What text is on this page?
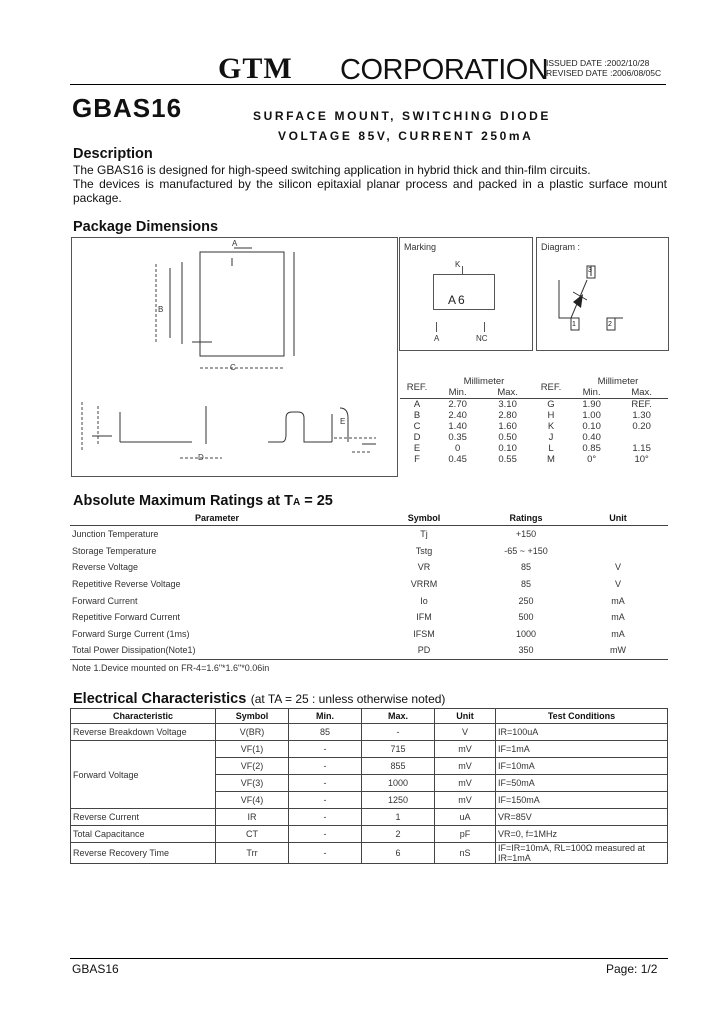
GTM CORPORATION
ISSUED DATE :2002/10/28
REVISED DATE :2006/08/05C
GBAS16	SURFACE MOUNT, SWITCHING DIODE
VOLTAGE 85V, CURRENT 250mA
Description
The GBAS16 is designed for high-speed switching application in hybrid thick and thin-film circuits.
The devices is manufactured by the silicon epitaxial planar process and packed in a plastic surface mount package.
Package Dimensions
A
B
C
D
E
Marking
K
A6
A	NC
Diagram :
1	2
3
REF.	Millimeter		REF.	Millimeter	
	Min.	Max.		Min.	Max.
A	2.70	3.10	G	1.90	REF.
B	2.40	2.80	H	1.00	1.30
C	1.40	1.60	K	0.10	0.20
D	0.35	0.50	J	0.40	
E	0	0.10	L	0.85	1.15
F	0.45	0.55	M	0°	10°
Absolute Maximum Ratings at TA = 25
Parameter	Symbol	Ratings	Unit
Junction Temperature	Tj	+150	
Storage Temperature	Tstg	-65 ~ +150	
Reverse Voltage	VR	85	V
Repetitive Reverse Voltage	VRRM	85	V
Forward Current	Io	250	mA
Repetitive Forward Current	IFM	500	mA
Forward Surge Current (1ms)	IFSM	1000	mA
Total Power Dissipation(Note1)	PD	350	mW
Note 1.Device mounted on FR-4=1.6"*1.6"*0.06in			
Electrical Characteristics (at TA = 25 : unless otherwise noted)
Characteristic	Symbol	Min.	Max.	Unit	Test Conditions
Reverse Breakdown Voltage	V(BR)	85	-	V	IR=100uA
Forward Voltage	VF(1)	-	715	mV	IF=1mA
	VF(2)	-	855	mV	IF=10mA
	VF(3)	-	1000	mV	IF=50mA
	VF(4)	-	1250	mV	IF=150mA
Reverse Current	IR	-	1	uA	VR=85V
Total Capacitance	CT	-	2	pF	VR=0, f=1MHz
Reverse Recovery Time	Trr	-	6	nS	IF=IR=10mA, RL=100Ω measured at IR=1mA
GBAS16	Page: 1/2
